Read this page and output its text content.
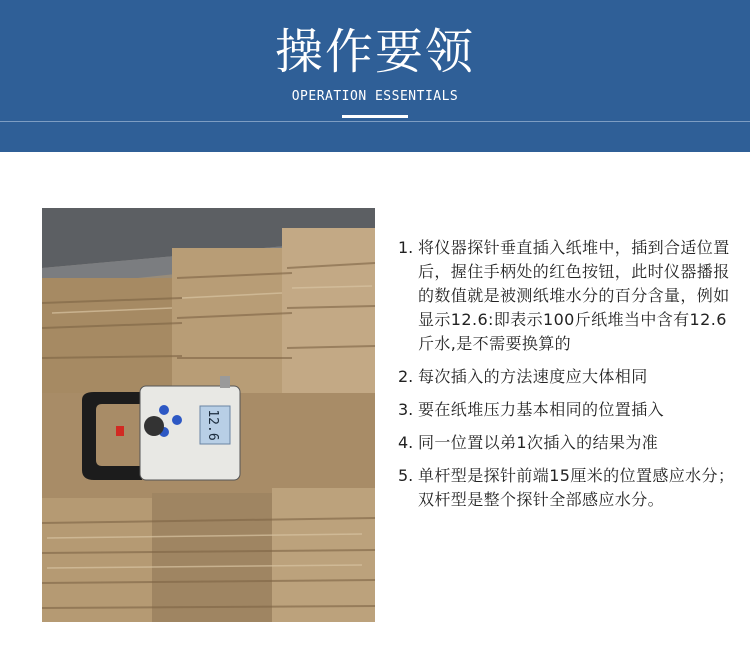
操作要领
OPERATION ESSENTIALS
12.6
1. 将仪器探针垂直插入纸堆中，插到合适位置后，握住手柄处的红色按钮，此时仪器播报的数值就是被测纸堆水分的百分含量，例如显示12.6:即表示100斤纸堆当中含有12.6斤水,是不需要换算的
2. 每次插入的方法速度应大体相同
3. 要在纸堆压力基本相同的位置插入
4. 同一位置以弟1次插入的结果为准
5. 单杆型是探针前端15厘米的位置感应水分；双杆型是整个探针全部感应水分。
